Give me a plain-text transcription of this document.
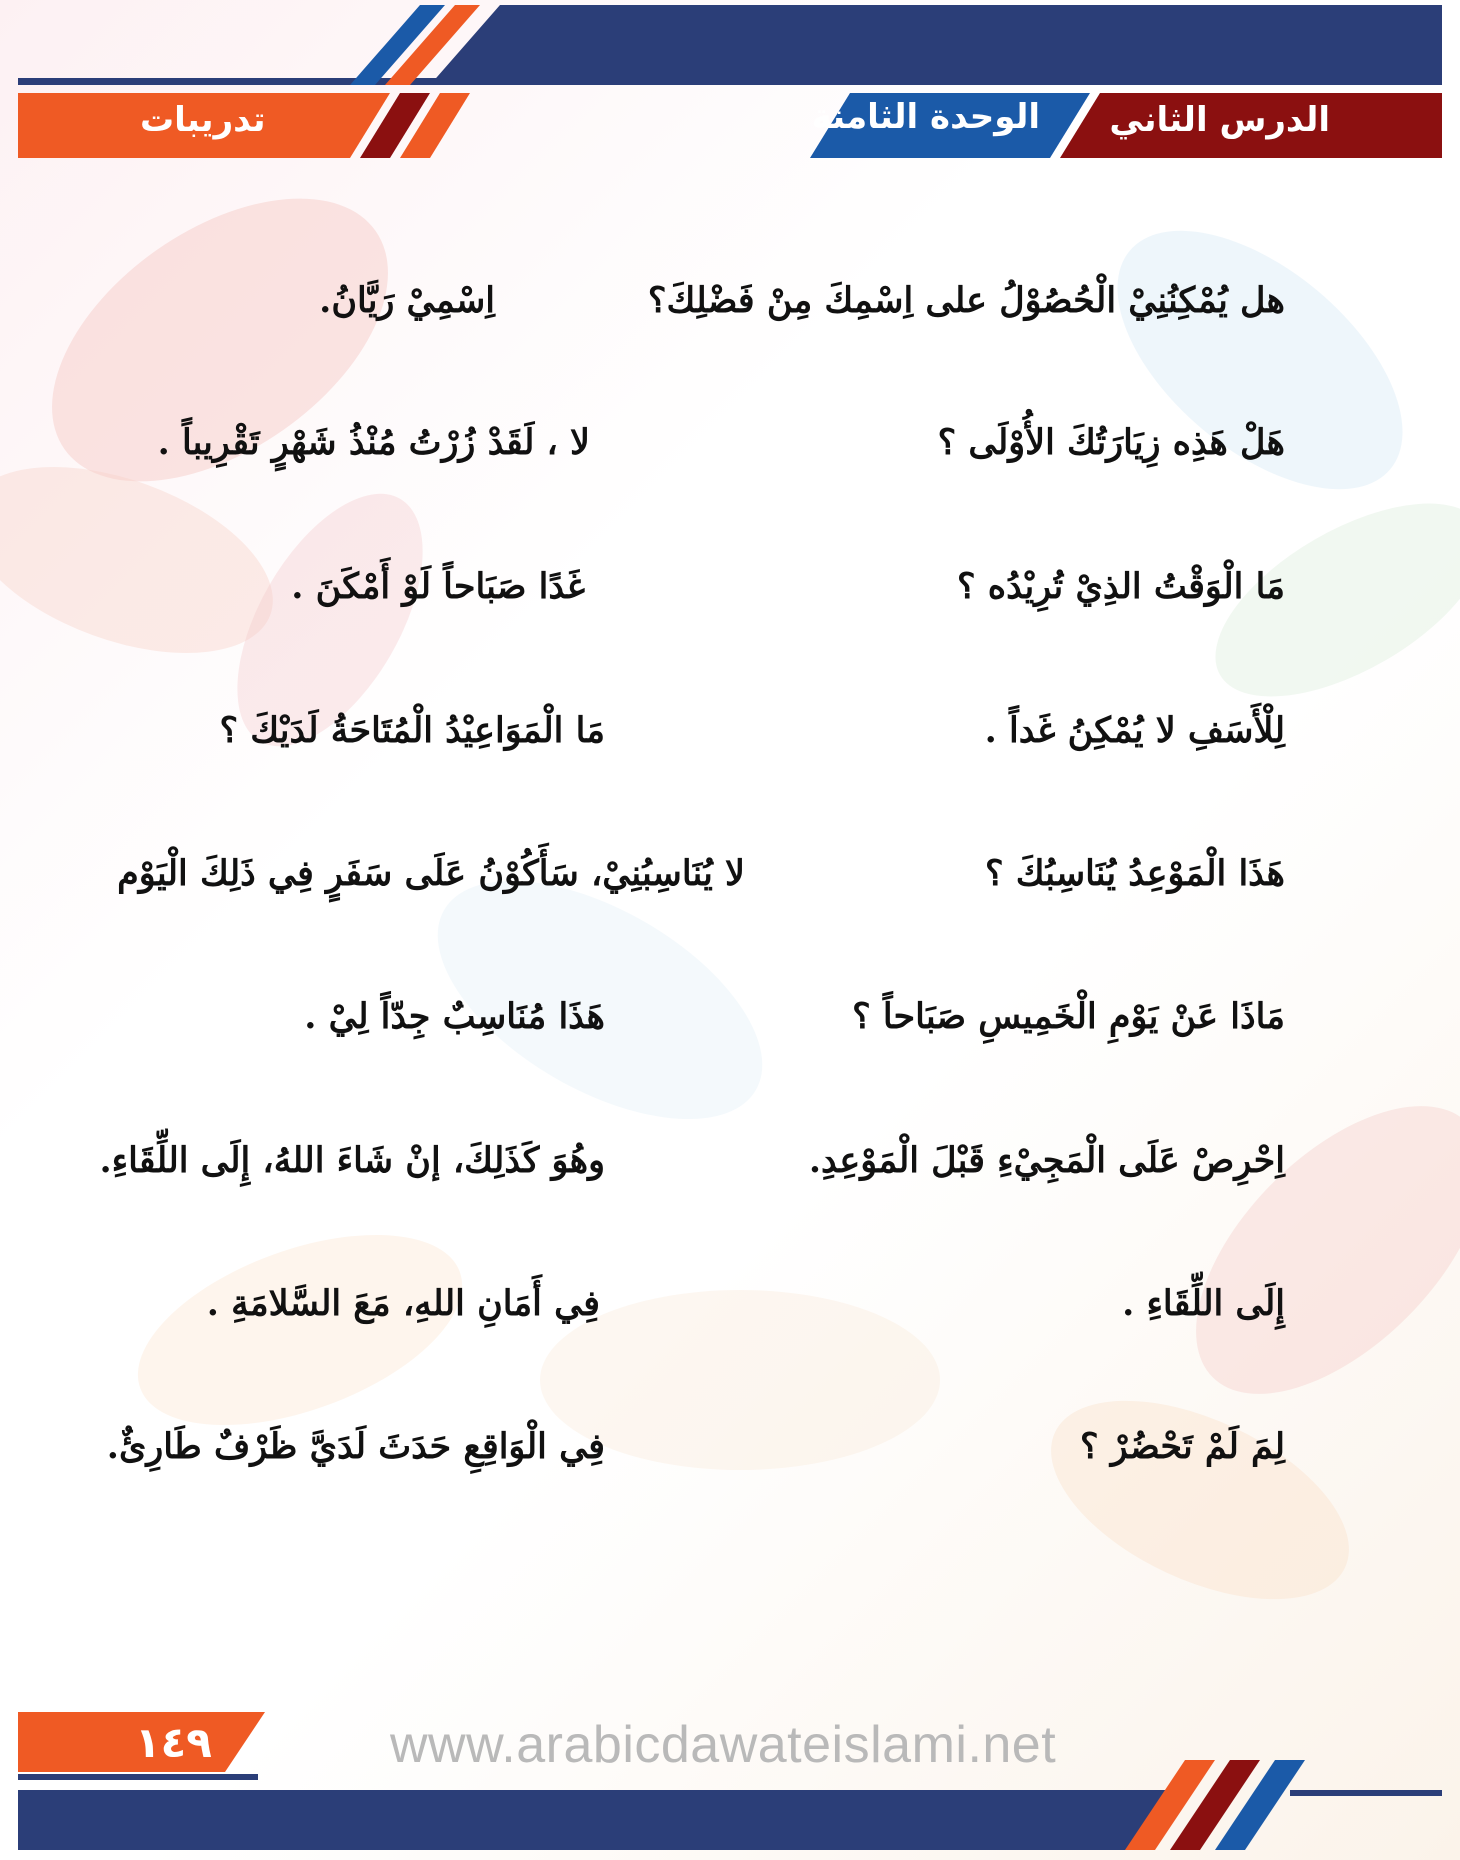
الدرس الثاني
الوحدة الثامنة
تدريبات
هل يُمْكِنُنِيْ الْحُصُوْلُ على اِسْمِكَ مِنْ فَضْلِكَ؟
اِسْمِيْ رَيَّانُ.
هَلْ هَذِه زِيَارَتُكَ الأُوْلَى ؟
لا ، لَقَدْ زُرْتُ مُنْذُ شَهْرٍ تَقْرِيباً .
مَا الْوَقْتُ الذِيْ تُرِيْدُه ؟
غَدًا صَبَاحاً لَوْ أَمْكَنَ .
لِلْأَسَفِ لا يُمْكِنُ غَداً .
مَا الْمَوَاعِيْدُ الْمُتَاحَةُ لَدَيْكَ ؟
هَذَا الْمَوْعِدُ يُنَاسِبُكَ ؟
لا يُنَاسِبُنِيْ، سَأَكُوْنُ عَلَى سَفَرٍ فِي ذَلِكَ الْيَوْم
مَاذَا عَنْ يَوْمِ الْخَمِيسِ صَبَاحاً ؟
هَذَا مُنَاسِبٌ جِدّاً لِيْ .
اِحْرِصْ عَلَى الْمَجِيْءِ قَبْلَ الْمَوْعِدِ.
وهُوَ كَذَلِكَ، إنْ شَاءَ اللهُ، إِلَى اللِّقَاءِ.
إِلَى اللِّقَاءِ .
فِي أَمَانِ اللهِ، مَعَ السَّلامَةِ .
لِمَ لَمْ تَحْضُرْ ؟
فِي الْوَاقِعِ حَدَثَ لَدَيَّ ظَرْفٌ طَارِئٌ.
١٤٩	www.arabicdawateislami.net
